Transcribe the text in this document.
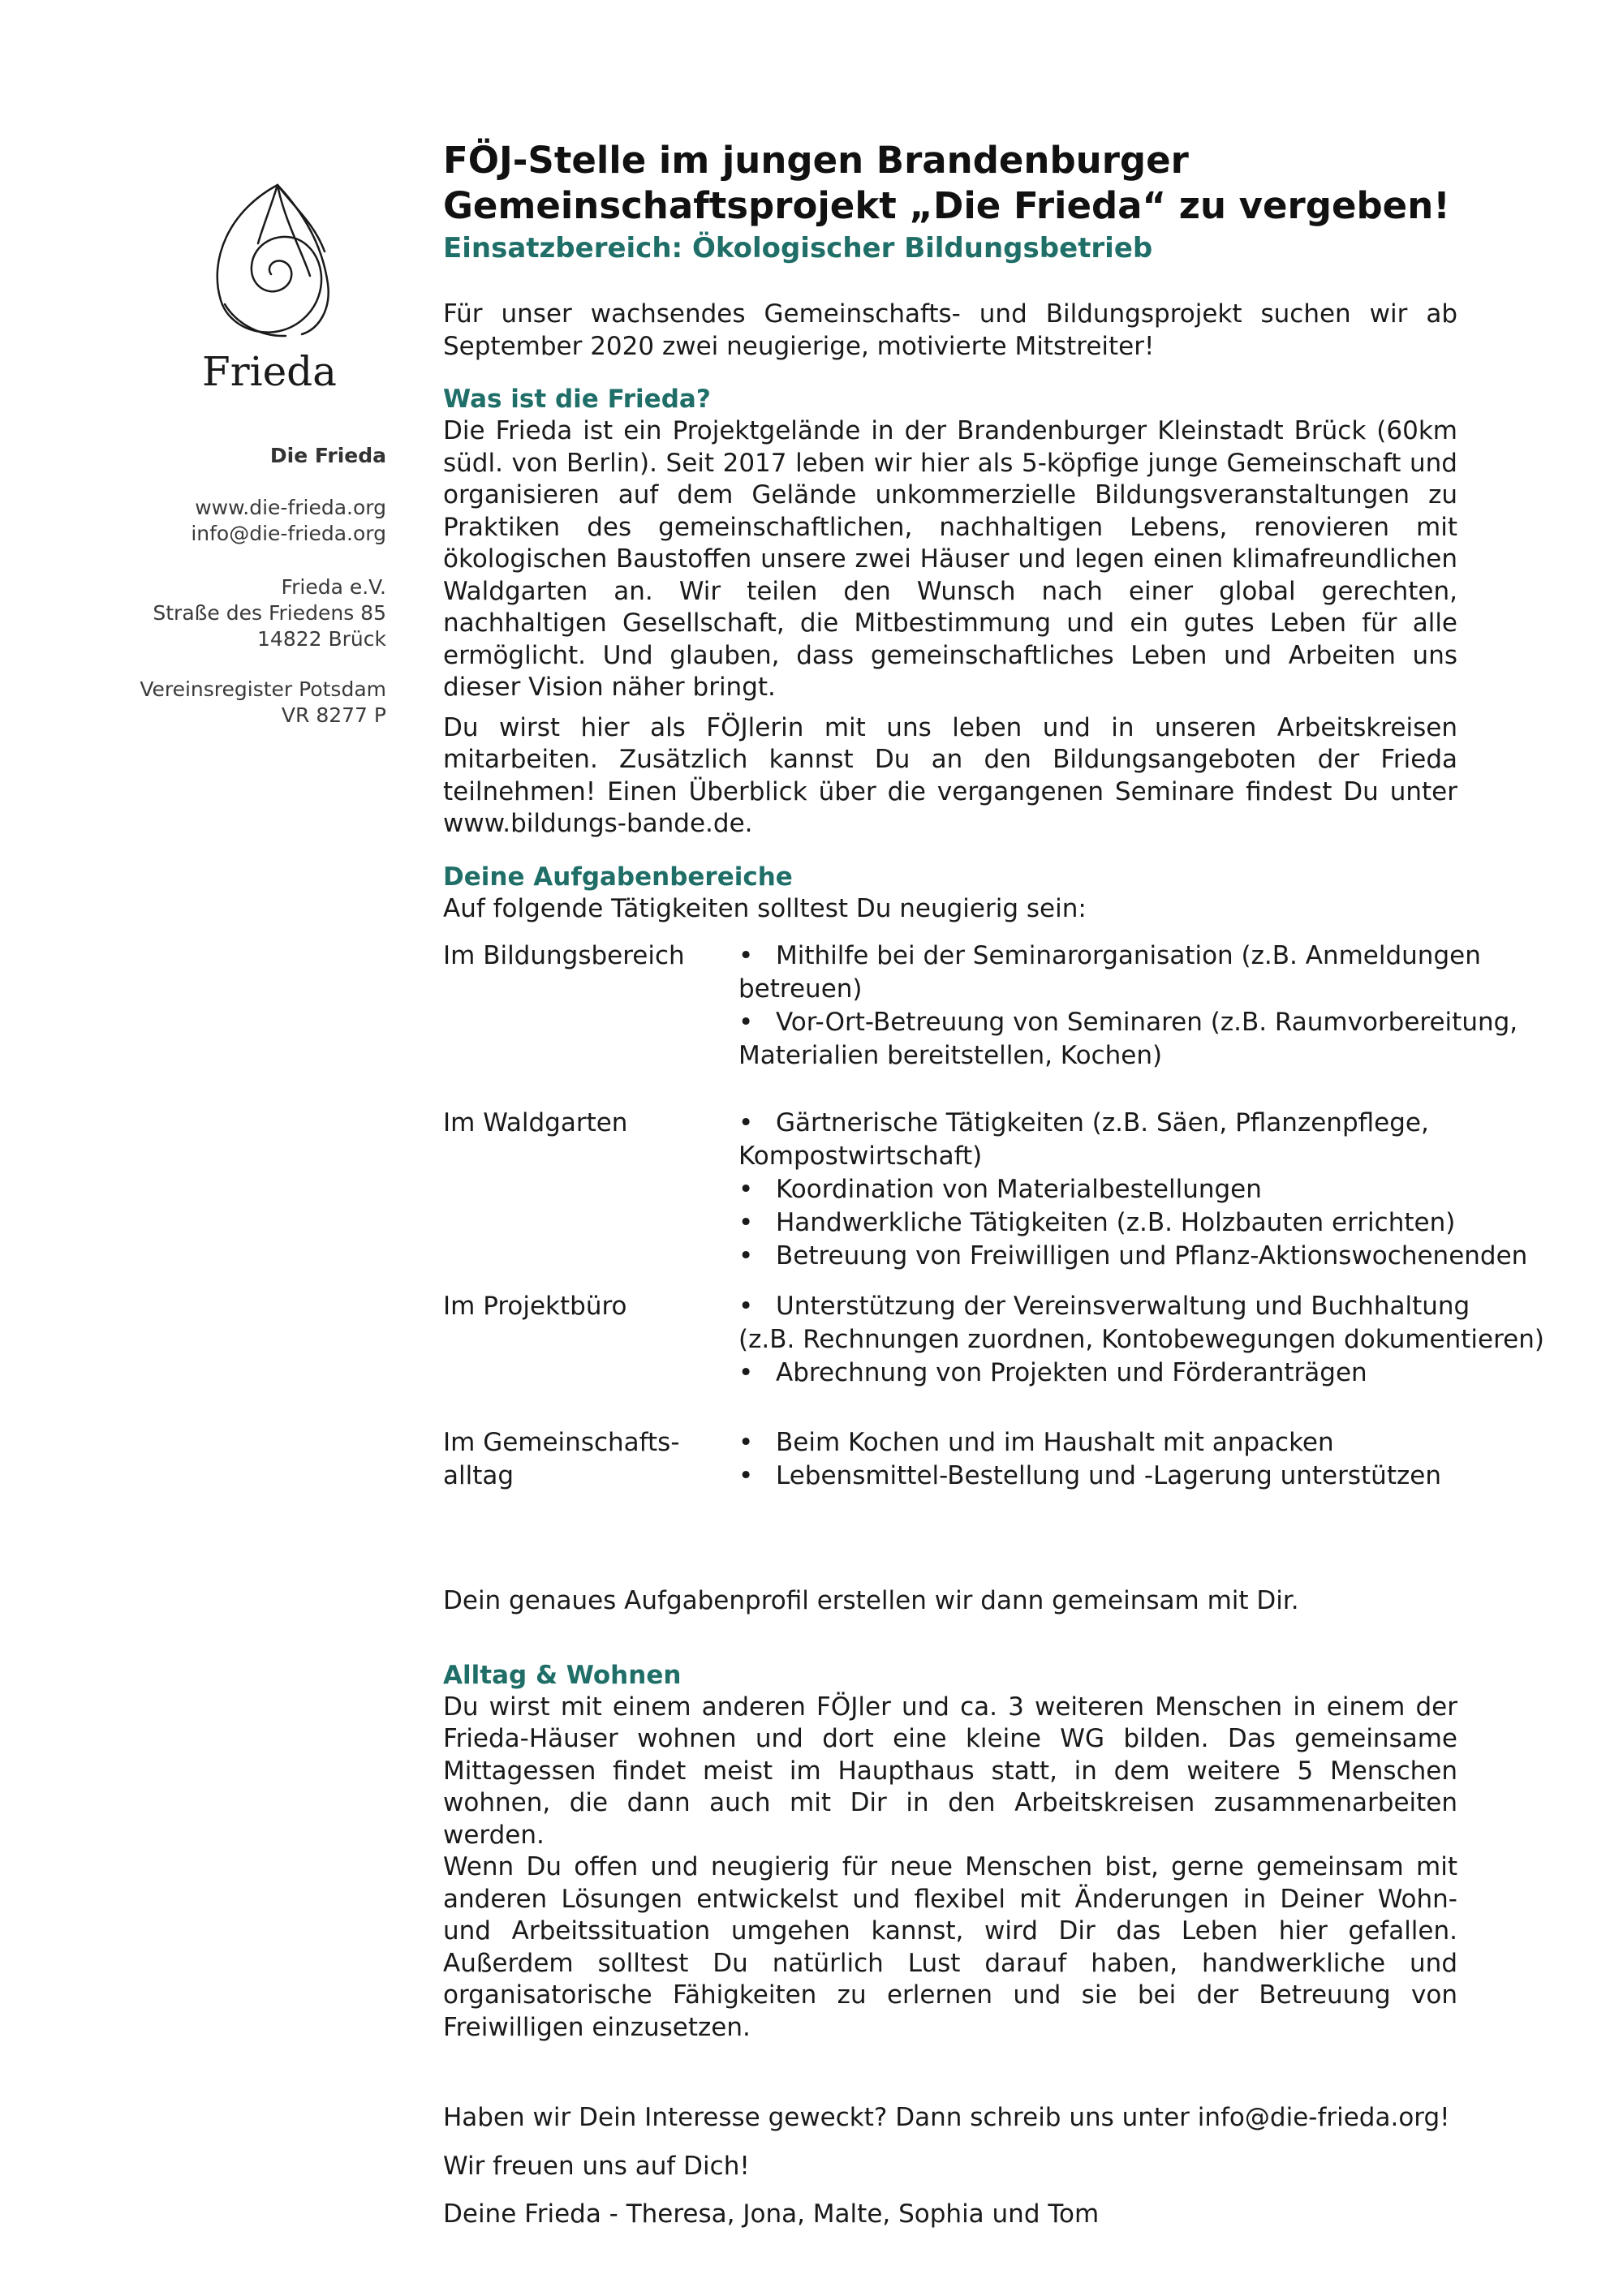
Frieda
Die Frieda
www.die-frieda.org
info@die-frieda.org
Frieda e.V.
Straße des Friedens 85
14822 Brück
Vereinsregister Potsdam
VR 8277 P
FÖJ-Stelle im jungen Brandenburger
Gemeinschaftsprojekt „Die Frieda“ zu vergeben!
Einsatzbereich: Ökologischer Bildungsbetrieb
Für unser wachsendes Gemeinschafts- und Bildungsprojekt suchen wir ab September 2020 zwei neugierige, motivierte Mitstreiter!
Was ist die Frieda?
Die Frieda ist ein Projektgelände in der Brandenburger Kleinstadt Brück (60km südl. von Berlin). Seit 2017 leben wir hier als 5-köpfige junge Gemeinschaft und organisieren auf dem Gelände unkommerzielle Bildungsveranstaltungen zu Praktiken des gemeinschaftlichen, nachhaltigen Lebens, renovieren mit ökologischen Baustoffen unsere zwei Häuser und legen einen klimafreundlichen Waldgarten an. Wir teilen den Wunsch nach einer global gerechten, nachhaltigen Gesellschaft, die Mitbestimmung und ein gutes Leben für alle ermöglicht. Und glauben, dass gemeinschaftliches Leben und Arbeiten uns dieser Vision näher bringt.
Du wirst hier als FÖJlerin mit uns leben und in unseren Arbeitskreisen mitarbeiten. Zusätzlich kannst Du an den Bildungsangeboten der Frieda teilnehmen! Einen Überblick über die vergangenen Seminare findest Du unter www.bildungs-bande.de.
Deine Aufgabenbereiche
Auf folgende Tätigkeiten solltest Du neugierig sein:
Im Bildungsbereich • Mithilfe bei der Seminarorganisation (z.B. Anmeldungen
betreuen)
• Vor-Ort-Betreuung von Seminaren (z.B. Raumvorbereitung,
Materialien bereitstellen, Kochen)
Im Waldgarten	• Gärtnerische Tätigkeiten (z.B. Säen, Pflanzenpflege,
Kompostwirtschaft)
• Koordination von Materialbestellungen
• Handwerkliche Tätigkeiten (z.B. Holzbauten errichten)
• Betreuung von Freiwilligen und Pflanz-Aktionswochenenden
Im Projektbüro	• Unterstützung der Vereinsverwaltung und Buchhaltung
(z.B. Rechnungen zuordnen, Kontobewegungen dokumentieren)
• Abrechnung von Projekten und Förderanträgen
Im Gemeinschafts-
alltag
• Beim Kochen und im Haushalt mit anpacken
• Lebensmittel-Bestellung und -Lagerung unterstützen
Dein genaues Aufgabenprofil erstellen wir dann gemeinsam mit Dir.
Alltag & Wohnen
Du wirst mit einem anderen FÖJler und ca. 3 weiteren Menschen in einem der Frieda-Häuser wohnen und dort eine kleine WG bilden. Das gemeinsame Mittagessen findet meist im Haupthaus statt, in dem weitere 5 Menschen wohnen, die dann auch mit Dir in den Arbeitskreisen zusammenarbeiten werden.
Wenn Du offen und neugierig für neue Menschen bist, gerne gemeinsam mit anderen Lösungen entwickelst und flexibel mit Änderungen in Deiner Wohn- und Arbeitssituation umgehen kannst, wird Dir das Leben hier gefallen. Außerdem solltest Du natürlich Lust darauf haben, handwerkliche und organisatorische Fähigkeiten zu erlernen und sie bei der Betreuung von Freiwilligen einzusetzen.
Haben wir Dein Interesse geweckt? Dann schreib uns unter info@die-frieda.org!
Wir freuen uns auf Dich!
Deine Frieda - Theresa, Jona, Malte, Sophia und Tom
